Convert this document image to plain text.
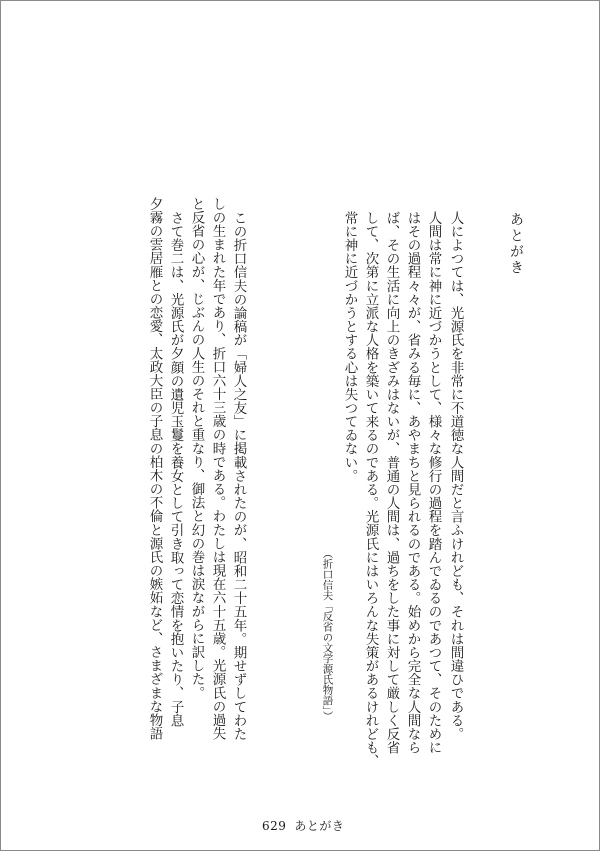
あとがき
人によつては、光源氏を非常に不道徳な人間だと言ふけれども、それは間違ひである。
人間は常に神に近づかうとして、様々な修行の過程を踏んでゐるのであつて、そのために
はその過程々々が、省みる毎に、あやまちと見られるのである。始めから完全な人間なら
ば、その生活に向上のきざみはないが、普通の人間は、過ちをした事に対して厳しく反省
して、次第に立派な人格を築いて来るのである。光源氏にはいろんな失策があるけれども、
常に神に近づかうとする心は失つてゐない。
（折口信夫「反省の文学源氏物語」）
この折口信夫の論稿が「婦人之友」に掲載されたのが、昭和二十五年。期せずしてわた
しの生まれた年であり、折口六十三歳の時である。わたしは現在六十五歳。光源氏の過失
と反省の心が、じぶんの人生のそれと重なり、御法と幻の巻は涙ながらに訳した。
さて巻二は、光源氏が夕顔の遺児玉鬘を養女として引き取って恋情を抱いたり、子息
夕霧の雲居雁との恋愛、太政大臣の子息の柏木の不倫と源氏の嫉妬など、さまざまな物語
629 あとがき
